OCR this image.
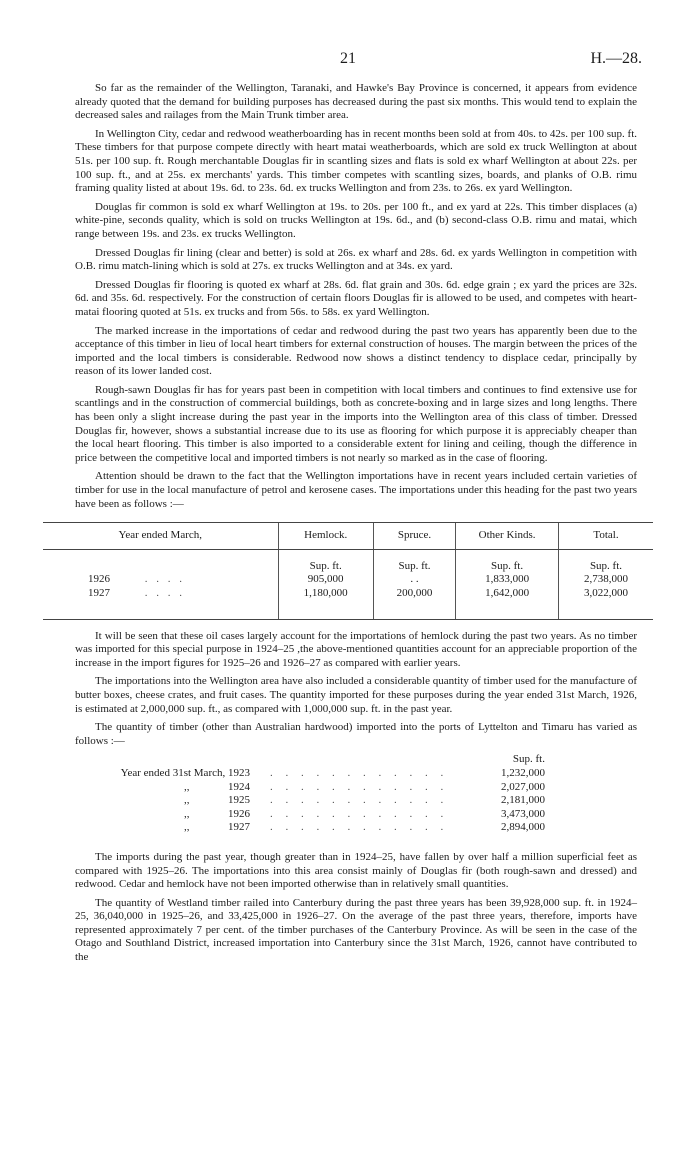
21	H.—28.

So far as the remainder of the Wellington, Taranaki, and Hawke's Bay Province is concerned, it appears from evidence already quoted that the demand for building purposes has decreased during the past six months. This would tend to explain the decreased sales and railages from the Main Trunk timber area.

In Wellington City, cedar and redwood weatherboarding has in recent months been sold at from 40s. to 42s. per 100 sup. ft. These timbers for that purpose compete directly with heart matai weatherboards, which are sold ex truck Wellington at about 51s. per 100 sup. ft. Rough merchantable Douglas fir in scantling sizes and flats is sold ex wharf Wellington at about 22s. per 100 sup. ft., and at 25s. ex merchants' yards. This timber competes with scantling sizes, boards, and planks of O.B. rimu framing quality listed at about 19s. 6d. to 23s. 6d. ex trucks Wellington and from 23s. to 26s. ex yard Wellington.

Douglas fir common is sold ex wharf Wellington at 19s. to 20s. per 100 ft., and ex yard at 22s. This timber displaces (a) white-pine, seconds quality, which is sold on trucks Wellington at 19s. 6d., and (b) second-class O.B. rimu and matai, which range between 19s. and 23s. ex trucks Wellington.

Dressed Douglas fir lining (clear and better) is sold at 26s. ex wharf and 28s. 6d. ex yards Wellington in competition with O.B. rimu match-lining which is sold at 27s. ex trucks Wellington and at 34s. ex yard.

Dressed Douglas fir flooring is quoted ex wharf at 28s. 6d. flat grain and 30s. 6d. edge grain ; ex yard the prices are 32s. 6d. and 35s. 6d. respectively. For the construction of certain floors Douglas fir is allowed to be used, and competes with heart-matai flooring quoted at 51s. ex trucks and from 56s. to 58s. ex yard Wellington.

The marked increase in the importations of cedar and redwood during the past two years has apparently been due to the acceptance of this timber in lieu of local heart timbers for external construction of houses. The margin between the prices of the imported and the local timbers is considerable. Redwood now shows a distinct tendency to displace cedar, principally by reason of its lower landed cost.

Rough-sawn Douglas fir has for years past been in competition with local timbers and continues to find extensive use for scantlings and in the construction of commercial buildings, both as concrete-boxing and in large sizes and long lengths. There has been only a slight increase during the past year in the imports into the Wellington area of this class of timber. Dressed Douglas fir, however, shows a substantial increase due to its use as flooring for which purpose it is appreciably cheaper than the local heart flooring. This timber is also imported to a considerable extent for lining and ceiling, though the difference in price between the competitive local and imported timbers is not nearly so marked as in the case of flooring.

Attention should be drawn to the fact that the Wellington importations have in recent years included certain varieties of timber for use in the local manufacture of petrol and kerosene cases. The importations under this heading for the past two years have been as follows :—

Year ended March,	Hemlock.	Spruce.	Other Kinds.	Total.
	Sup. ft.	Sup. ft.	Sup. ft.	Sup. ft.
1926 . . . .	905,000	. .	1,833,000	2,738,000
1927 . . . .	1,180,000	200,000	1,642,000	3,022,000

It will be seen that these oil cases largely account for the importations of hemlock during the past two years. As no timber was imported for this special purpose in 1924–25 ,the above-mentioned quantities account for an appreciable proportion of the increase in the import figures for 1925–26 and 1926–27 as compared with earlier years.

The importations into the Wellington area have also included a considerable quantity of timber used for the manufacture of butter boxes, cheese crates, and fruit cases. The quantity imported for these purposes during the year ended 31st March, 1926, is estimated at 2,000,000 sup. ft., as compared with 1,000,000 sup. ft. in the past year.

The quantity of timber (other than Australian hardwood) imported into the ports of Lyttelton and Timaru has varied as follows :—

Sup. ft.
Year ended 31st March, 1923	. . . . . . . . . . . .	1,232,000
,,              1924	. . . . . . . . . . . .	2,027,000
,,              1925	. . . . . . . . . . . .	2,181,000
,,              1926	. . . . . . . . . . . .	3,473,000
,,              1927	. . . . . . . . . . . .	2,894,000

The imports during the past year, though greater than in 1924–25, have fallen by over half a million superficial feet as compared with 1925–26. The importations into this area consist mainly of Douglas fir (both rough-sawn and dressed) and redwood. Cedar and hemlock have not been imported otherwise than in relatively small quantities.

The quantity of Westland timber railed into Canterbury during the past three years has been 39,928,000 sup. ft. in 1924–25, 36,040,000 in 1925–26, and 33,425,000 in 1926–27. On the average of the past three years, therefore, imports have represented approximately 7 per cent. of the timber purchases of the Canterbury Province. As will be seen in the case of the Otago and Southland District, increased importation into Canterbury since the 31st March, 1926, cannot have contributed to the
